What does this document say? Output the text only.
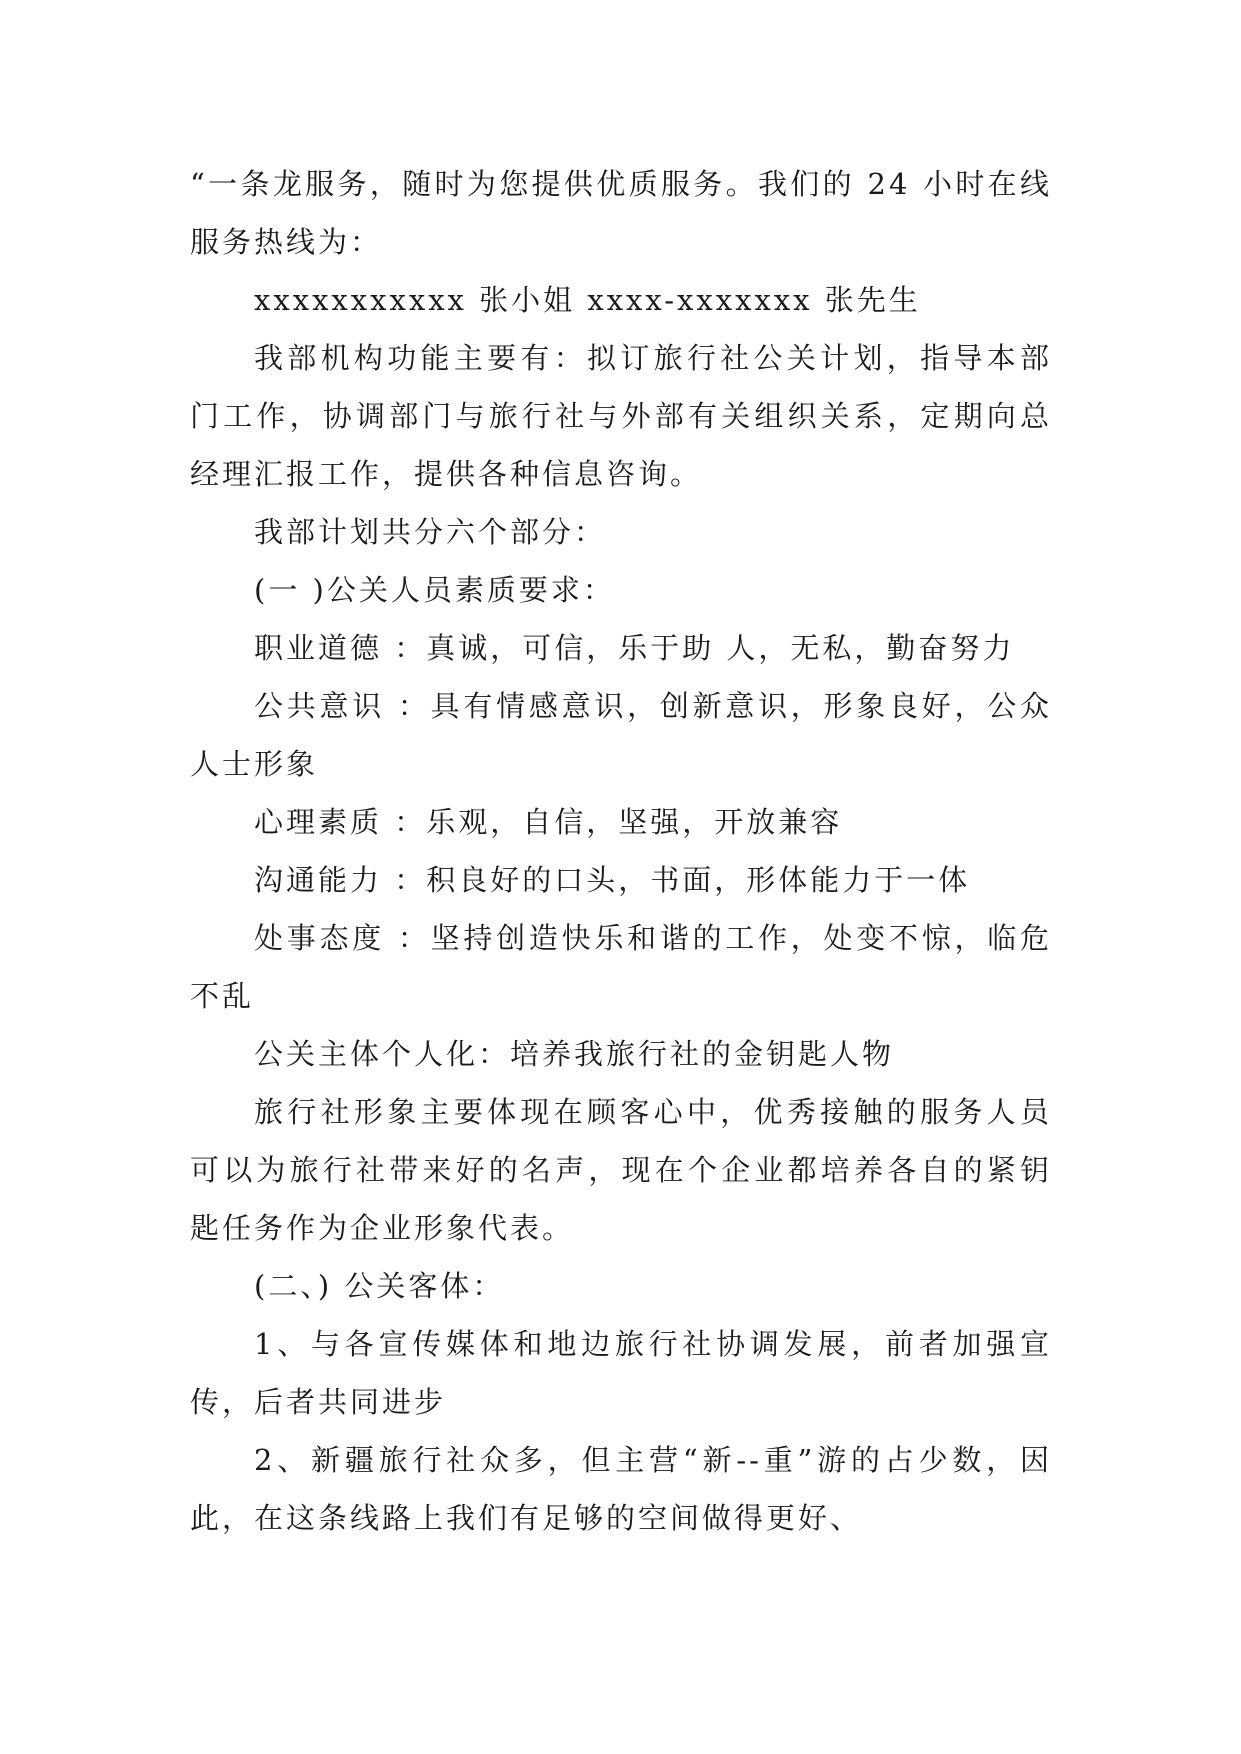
“一条龙服务，随时为您提供优质服务。我们的 24 小时在线服务热线为：

xxxxxxxxxxx 张小姐 xxxx-xxxxxxx 张先生

我部机构功能主要有：拟订旅行社公关计划，指导本部门工作，协调部门与旅行社与外部有关组织关系，定期向总经理汇报工作，提供各种信息咨询。

我部计划共分六个部分：

(一 )公关人员素质要求：

职业道德 ：真诚，可信，乐于助 人，无私，勤奋努力

公共意识 ：具有情感意识，创新意识，形象良好，公众人士形象

心理素质 ：乐观，自信，坚强，开放兼容

沟通能力 ：积良好的口头，书面，形体能力于一体

处事态度 ：坚持创造快乐和谐的工作，处变不惊，临危不乱

公关主体个人化：培养我旅行社的金钥匙人物

旅行社形象主要体现在顾客心中，优秀接触的服务人员可以为旅行社带来好的名声，现在个企业都培养各自的紧钥匙任务作为企业形象代表。

(二、) 公关客体：

1、与各宣传媒体和地边旅行社协调发展，前者加强宣传，后者共同进步

2、新疆旅行社众多，但主营“新--重”游的占少数，因此，在这条线路上我们有足够的空间做得更好、
